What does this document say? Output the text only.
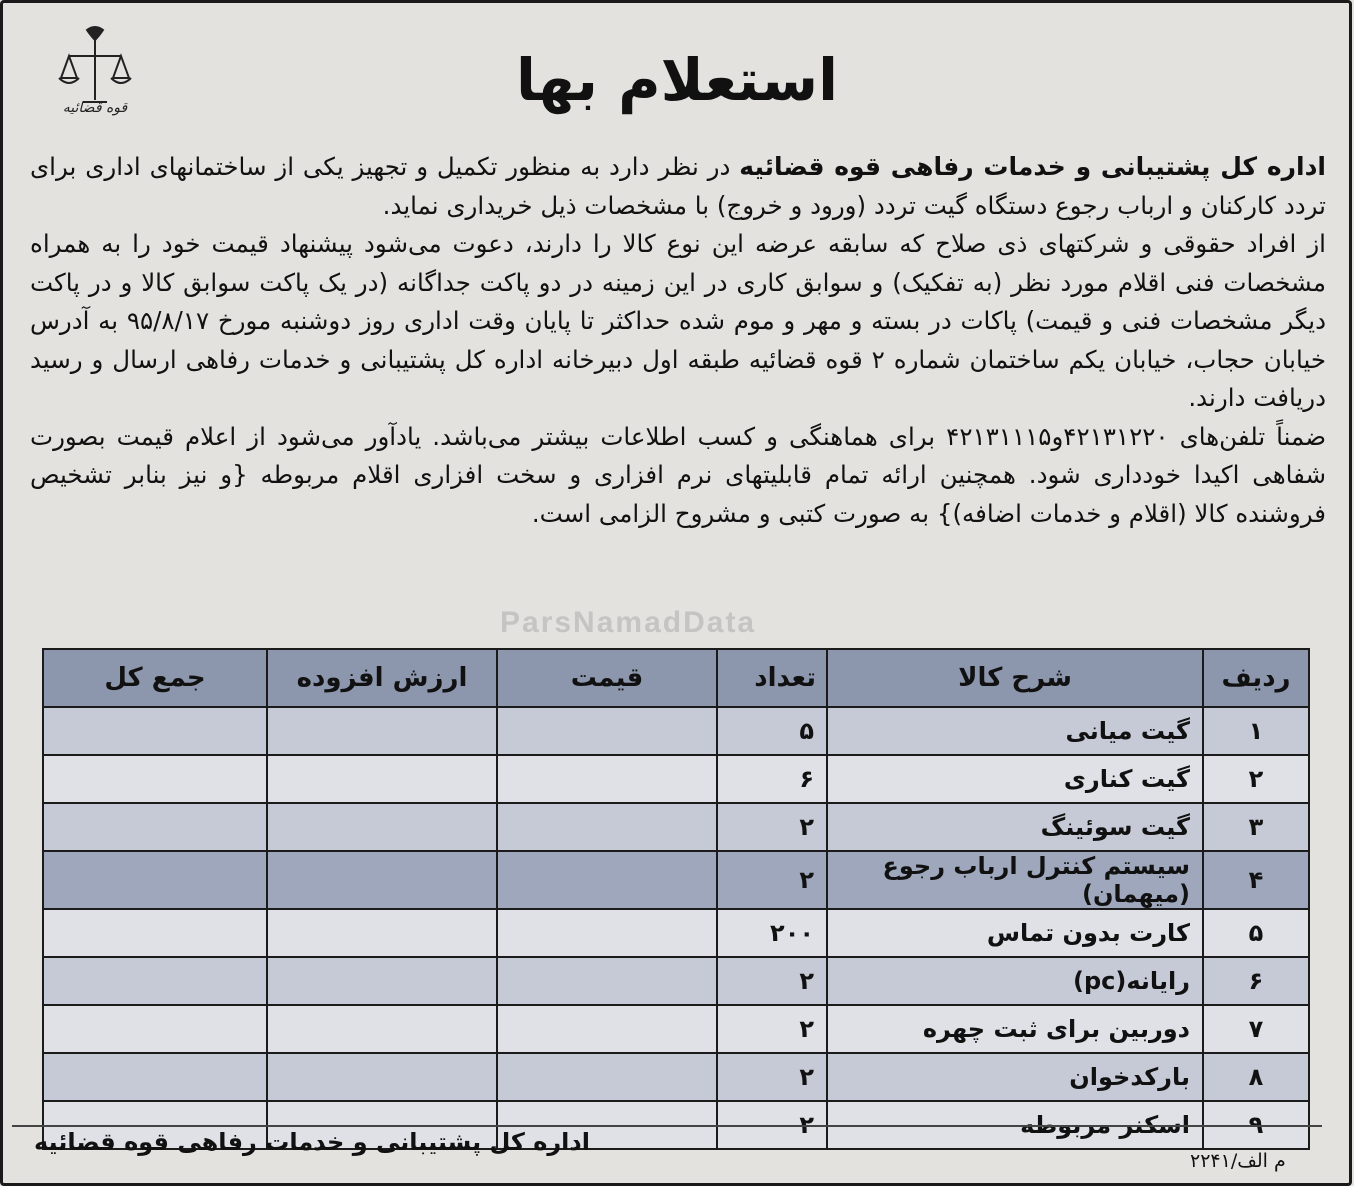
قوه قضائیه	استعلام بها

اداره کل پشتیبانی و خدمات رفاهی قوه قضائیه در نظر دارد به منظور تکمیل و تجهیز یکی از ساختمانهای اداری برای تردد کارکنان و ارباب رجوع دستگاه گیت تردد (ورود و خروج) با مشخصات ذیل خریداری نماید.

از افراد حقوقی و شرکتهای ذی صلاح که سابقه عرضه این نوع کالا را دارند، دعوت می‌شود پیشنهاد قیمت خود را به همراه مشخصات فنی اقلام مورد نظر (به تفکیک) و سوابق کاری در این زمینه در دو پاکت جداگانه (در یک پاکت سوابق کالا و در پاکت دیگر مشخصات فنی و قیمت) پاکات در بسته و مهر و موم شده حداکثر تا پایان وقت اداری روز دوشنبه مورخ ۹۵/۸/۱۷ به آدرس خیابان حجاب، خیابان یکم ساختمان شماره ۲ قوه قضائیه طبقه اول دبیرخانه اداره کل پشتیبانی و خدمات رفاهی ارسال و رسید دریافت دارند.

ضمناً تلفن‌های ۴۲۱۳۱۲۲۰و۴۲۱۳۱۱۱۵ برای هماهنگی و کسب اطلاعات بیشتر می‌باشد. یادآور می‌شود از اعلام قیمت بصورت شفاهی اکیدا خودداری شود. همچنین ارائه تمام قابلیتهای نرم افزاری و سخت افزاری اقلام مربوطه {و نیز بنابر تشخیص فروشنده کالا (اقلام و خدمات اضافه)} به صورت کتبی و مشروح الزامی است.

ParsNamadData
ردیف	شرح کالا	تعداد	قیمت	ارزش افزوده	جمع کل
۱	گیت میانی	۵			
۲	گیت کناری	۶			
۳	گیت سوئینگ	۲			
۴	سیستم کنترل ارباب رجوع (میهمان)	۲			
۵	کارت بدون تماس	۲۰۰			
۶	رایانه(pc)	۲			
۷	دوربین برای ثبت چهره	۲			
۸	بارکدخوان	۲			
۹	اسکنر مربوطه	۲			
اداره کل پشتیبانی و خدمات رفاهی قوه قضائیه
م الف/۲۲۴۱
